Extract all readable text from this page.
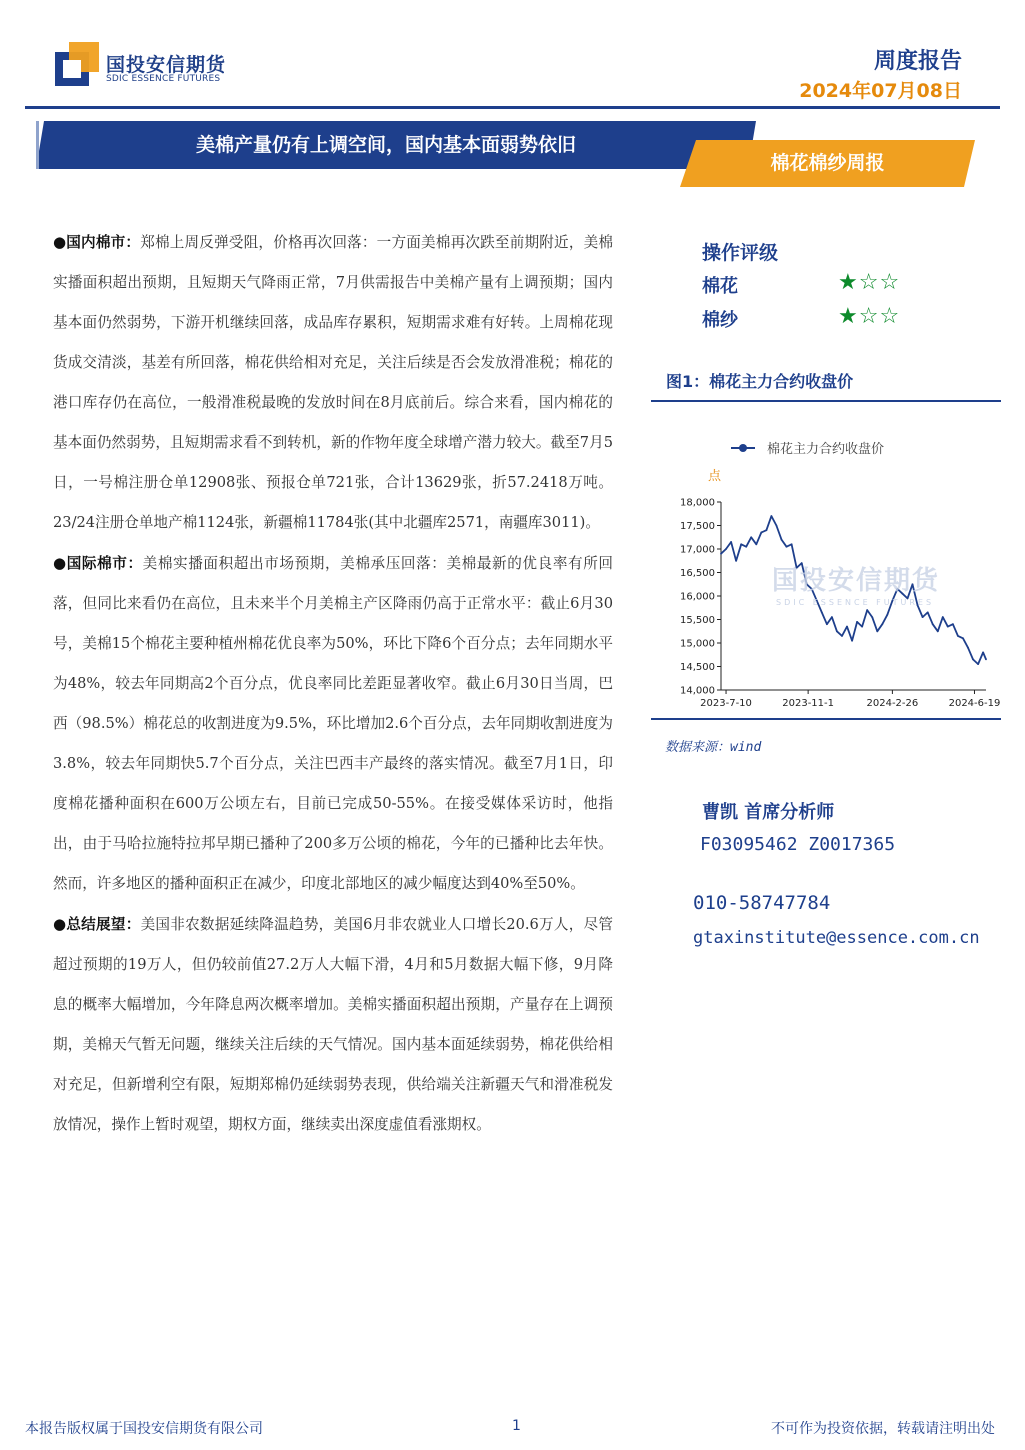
国投安信期货
SDIC ESSENCE FUTURES
周度报告
2024年07月08日
美棉产量仍有上调空间，国内基本面弱势依旧
棉花棉纱周报

●国内棉市：郑棉上周反弹受阻，价格再次回落：一方面美棉再次跌至前期附近，美棉实播面积超出预期，且短期天气降雨正常，7月供需报告中美棉产量有上调预期；国内基本面仍然弱势，下游开机继续回落，成品库存累积，短期需求难有好转。上周棉花现货成交清淡，基差有所回落，棉花供给相对充足，关注后续是否会发放滑准税；棉花的港口库存仍在高位，一般滑准税最晚的发放时间在8月底前后。综合来看，国内棉花的基本面仍然弱势，且短期需求看不到转机，新的作物年度全球增产潜力较大。截至7月5日，一号棉注册仓单12908张、预报仓单721张，合计13629张，折57.2418万吨。23/24注册仓单地产棉1124张，新疆棉11784张(其中北疆库2571，南疆库3011)。

●国际棉市：美棉实播面积超出市场预期，美棉承压回落：美棉最新的优良率有所回落，但同比来看仍在高位，且未来半个月美棉主产区降雨仍高于正常水平：截止6月30号，美棉15个棉花主要种植州棉花优良率为50%，环比下降6个百分点；去年同期水平为48%，较去年同期高2个百分点，优良率同比差距显著收窄。截止6月30日当周，巴西（98.5%）棉花总的收割进度为9.5%，环比增加2.6个百分点，去年同期收割进度为3.8%，较去年同期快5.7个百分点，关注巴西丰产最终的落实情况。截至7月1日，印度棉花播种面积在600万公顷左右，目前已完成50-55%。在接受媒体采访时，他指出，由于马哈拉施特拉邦早期已播种了200多万公顷的棉花，今年的已播种比去年快。然而，许多地区的播种面积正在减少，印度北部地区的减少幅度达到40%至50%。

●总结展望：美国非农数据延续降温趋势，美国6月非农就业人口增长20.6万人，尽管超过预期的19万人，但仍较前值27.2万人大幅下滑，4月和5月数据大幅下修，9月降息的概率大幅增加，今年降息两次概率增加。美棉实播面积超出预期，产量存在上调预期，美棉天气暂无问题，继续关注后续的天气情况。国内基本面延续弱势，棉花供给相对充足，但新增利空有限，短期郑棉仍延续弱势表现，供给端关注新疆天气和滑准税发放情况，操作上暂时观望，期权方面，继续卖出深度虚值看涨期权。

操作评级
棉花	★☆☆
棉纱	★☆☆
图1：棉花主力合约收盘价
棉花主力合约收盘价
点
18,000
17,500
17,000
16,500
16,000
15,500
15,000
14,500
14,000
2023-7-10	2023-11-1	2024-2-26	2024-6-19
国投安信期货
SDIC ESSENCE FUTURES
数据来源：wind
曹凯 首席分析师
F03095462 Z0017365
010-58747784
gtaxinstitute@essence.com.cn
本报告版权属于国投安信期货有限公司	1	不可作为投资依据，转载请注明出处
